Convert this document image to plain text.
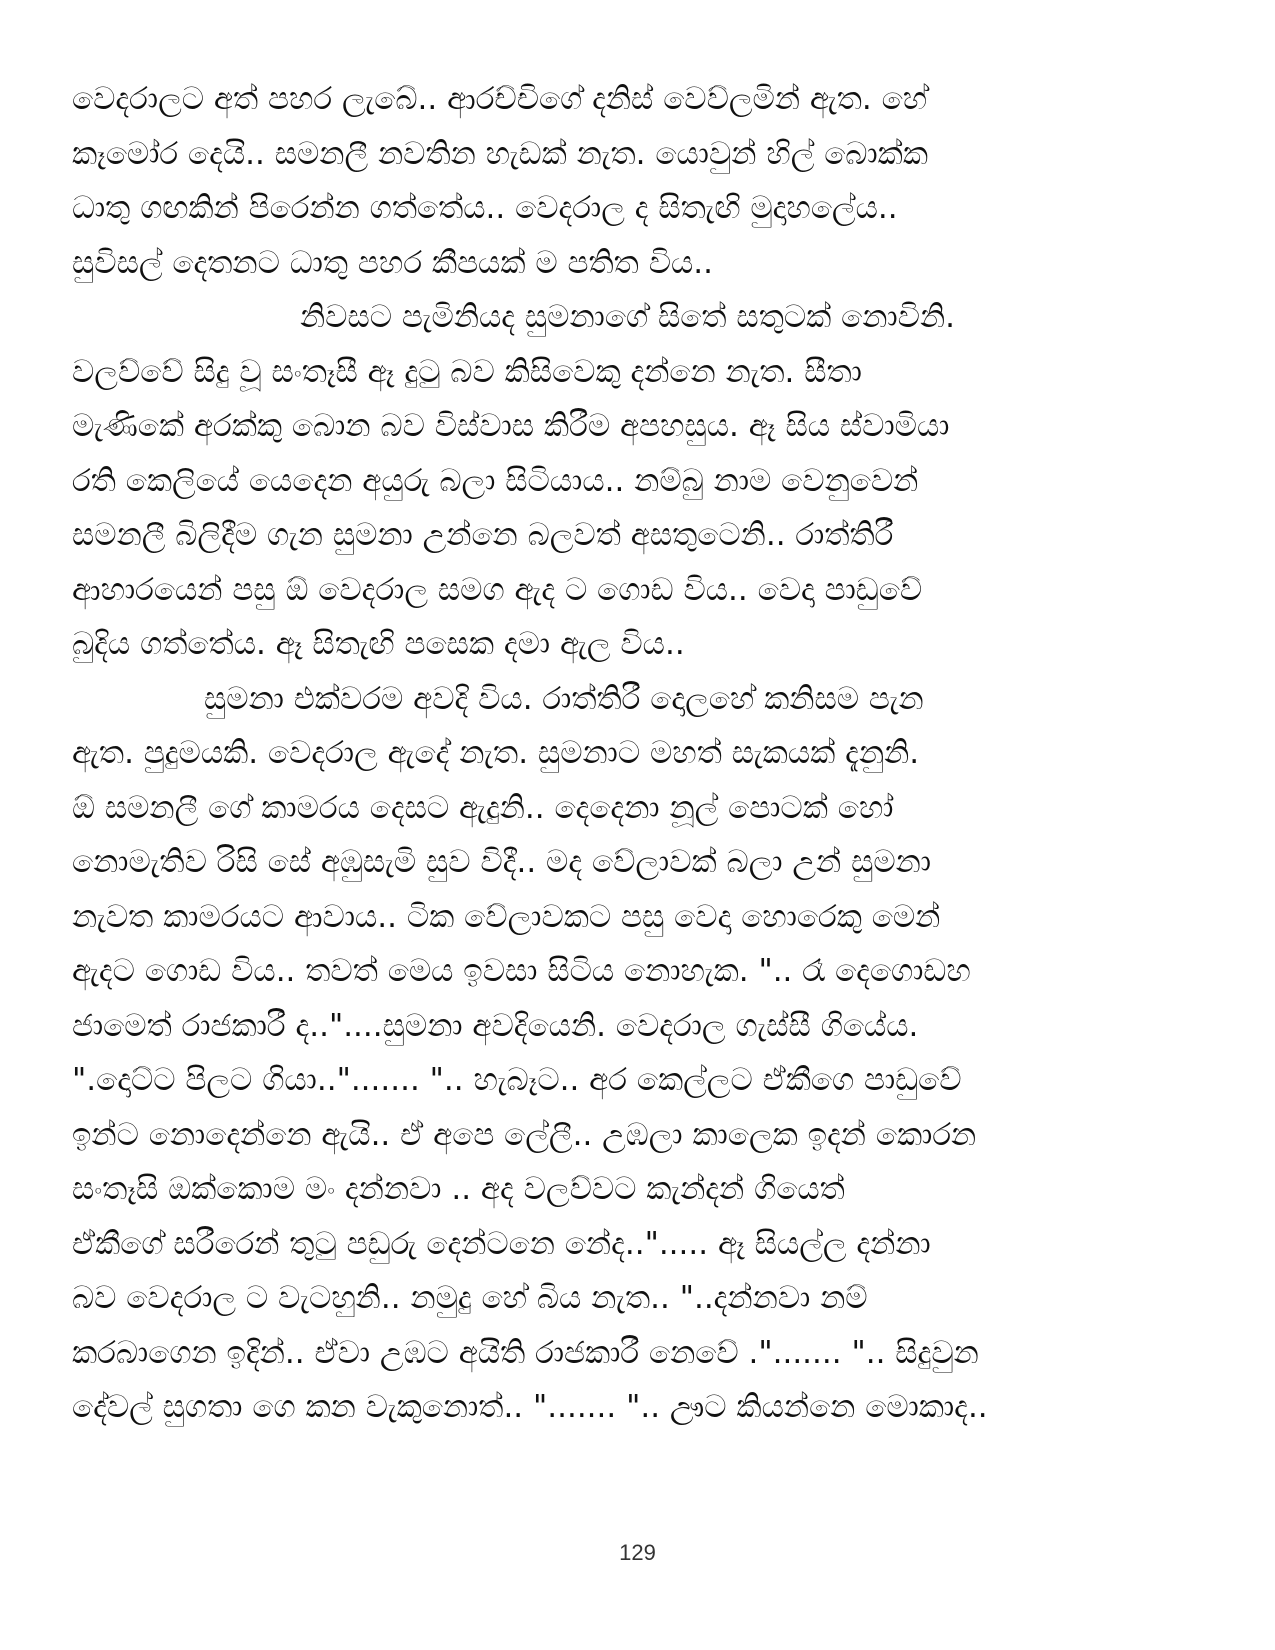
වෙදරාලට අත් පහර ලැබේ.. ආරච්චිගේ දනිස් වෙව්ලමින් ඇත. හේ
කෑමෝර දෙයි.. සමනලී නවතින හැඩක් නැත. යොවුන් හිල් බොක්ක
ධාතු ගඟකින් පිරෙන්න ගත්තේය.. වෙදරාල ද සිතැඟි මුදාහලේය..
සුවිසල් දෙතනට ධාතු පහර කීපයක් ම පතිත විය..
නිවසට පැමිනියද සුමනාගේ සිතේ සතුටක් නොවිනි.
වලව්වේ සිදු වූ සංතෑසී ඈ දුටු බව කිසිවෙකු දන්නෙ නැත. සීතා
මැණිකේ අරක්කු බොන බව විස්වාස කිරීම අපහසුය. ඈ සිය ස්වාමියා
රති කෙලියේ යෙදෙන අයුරු බලා සිටියාය.. නම්බු නාම වෙනුවෙන්
සමනලී බිලිදීම ගැන සුමනා උන්නෙ බලවත් අසතුටෙනි.. රාත්තිරී
ආහාරයෙන් පසු ඕ වෙදරාල සමග ඇද ට ගොඩ විය.. වෙදා පාඩුවේ
බුදිය ගත්තේය. ඈ සිතැඟි පසෙක දමා ඇල විය..
සුමනා එක්වරම අවදි විය. රාත්තිරී දොලහේ කනිසම පැන
ඇත. පුදුමයකි. වෙදරාල ඇදේ නැත. සුමනාට මහත් සැකයක් දැනුනි.
ඕ සමනලී ගේ කාමරය දෙසට ඇදුනි.. දෙදෙනා නූල් පොටක් හෝ
නොමැතිව රිසි සේ අඹුසැමි සුව විදී.. මද වේලාවක් බලා උන් සුමනා
නැවත කාමරයට ආවාය.. ටික වේලාවකට පසු වෙදා හොරෙකු මෙන්
ඇදට ගොඩ විය.. තවත් මෙය ඉවසා සිටිය නොහැක. ".. රෑ දෙගොඩහ
ජාමෙත් රාජකාරී ද.."....සුමනා අවදියෙනි. වෙදරාල ගැස්සී ගියේය.
".දොට්ට පිලට ගියා.."....... ".. හැබෑට.. අර කෙල්ලට ඒකීගෙ පාඩුවේ
ඉන්ට නොදෙන්නෙ ඇයි.. ඒ අපෙ ලේලී.. උඹලා කාලෙක ඉදන් කොරන
සංතෑසි ඔක්කොම මං දන්නවා .. අද වලව්වට කැන්දන් ගියෙත්
ඒකීගේ සරීරෙන් තුටු පඩුරු දෙන්ටනෙ නේද.."..... ඈ සියල්ල දන්නා
බව වෙදරාල ට වැටහුනි.. නමුදු හේ බිය නැත.. "..දන්නවා නම්
කරබාගෙන ඉදින්.. ඒවා උඹට අයිති රාජකාරී නෙවේ ."....... ".. සිදුවුන
දේවල් සුගතා ගෙ කන වැකුනොත්.. "....... ".. ඌට කියන්නෙ මොකාද..
129
